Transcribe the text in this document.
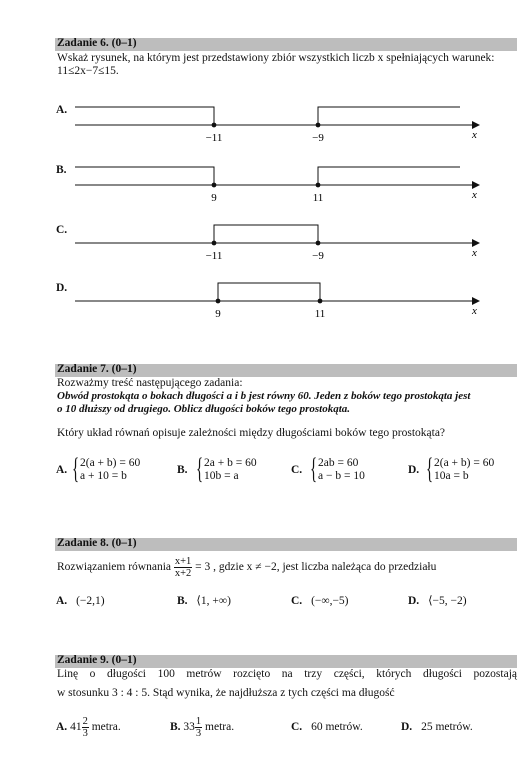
Zadanie 6. (0–1)
Wskaż rysunek, na którym jest przedstawiony zbiór wszystkich liczb x spełniających warunek:
11≤2x−7≤15.
A.
−11	−9	x
B.
9	11	x
C.
−11	−9	x
D.
9	11	x
Zadanie 7. (0–1)
Rozważmy treść następującego zadania:
Obwód prostokąta o bokach długości a i b jest równy 60. Jeden z boków tego prostokąta jest
o 10 dłuższy od drugiego. Oblicz długości boków tego prostokąta.
Który układ równań opisuje zależności między długościami boków tego prostokąta?
A. { 2(a + b) = 60
a + 10 = b	B. { 2a + b = 60
10b = a	C. { 2ab = 60
a − b = 10	D. { 2(a + b) = 60
10a = b
Zadanie 8. (0–1)
Rozwiązaniem równania $\frac{x+1}{x+2} = 3$ , gdzie x ≠ −2, jest liczba należąca do przedziału
A. (−2,1)	B. ⟨1, +∞)	C. (−∞,−5)	D. ⟨−5, −2)
Zadanie 9. (0–1)
Linę o długości 100 metrów rozcięto na trzy części, których długości pozostają
w stosunku 3 : 4 : 5. Stąd wynika, że najdłuższa z tych części ma długość
A. $41 \frac{2}{3}$ metra.	B. $33 \frac{1}{3}$ metra.	C. 60 metrów.	D. 25 metrów.
